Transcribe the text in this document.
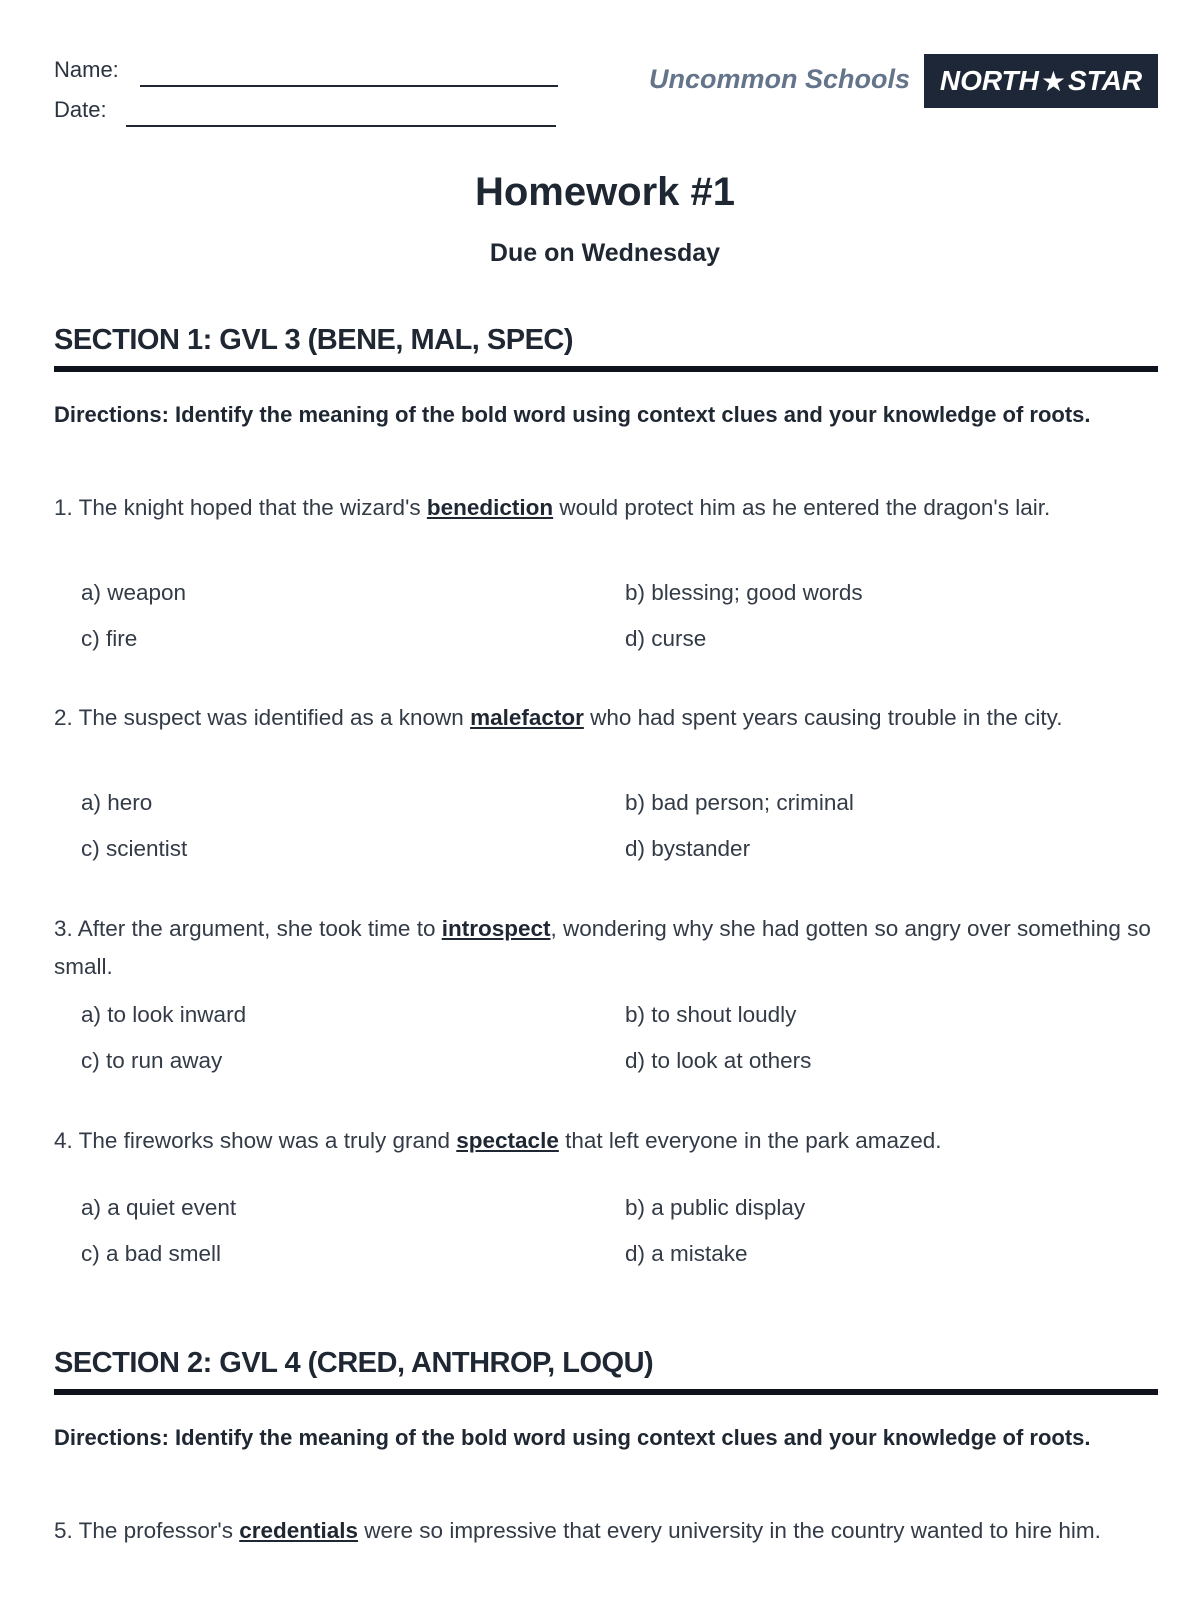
Name:
Date:
Uncommon Schools NORTH ★ STAR
Homework #1
Due on Wednesday
SECTION 1: GVL 3 (BENE, MAL, SPEC)
Directions: Identify the meaning of the bold word using context clues and your knowledge of roots.
1. The knight hoped that the wizard's benediction would protect him as he entered the dragon's lair.
a) weapon	b) blessing; good words
c) fire	d) curse
2. The suspect was identified as a known malefactor who had spent years causing trouble in the city.
a) hero	b) bad person; criminal
c) scientist	d) bystander
3. After the argument, she took time to introspect, wondering why she had gotten so angry over something so small.
a) to look inward	b) to shout loudly
c) to run away	d) to look at others
4. The fireworks show was a truly grand spectacle that left everyone in the park amazed.
a) a quiet event	b) a public display
c) a bad smell	d) a mistake
SECTION 2: GVL 4 (CRED, ANTHROP, LOQU)
Directions: Identify the meaning of the bold word using context clues and your knowledge of roots.
5. The professor's credentials were so impressive that every university in the country wanted to hire him.
